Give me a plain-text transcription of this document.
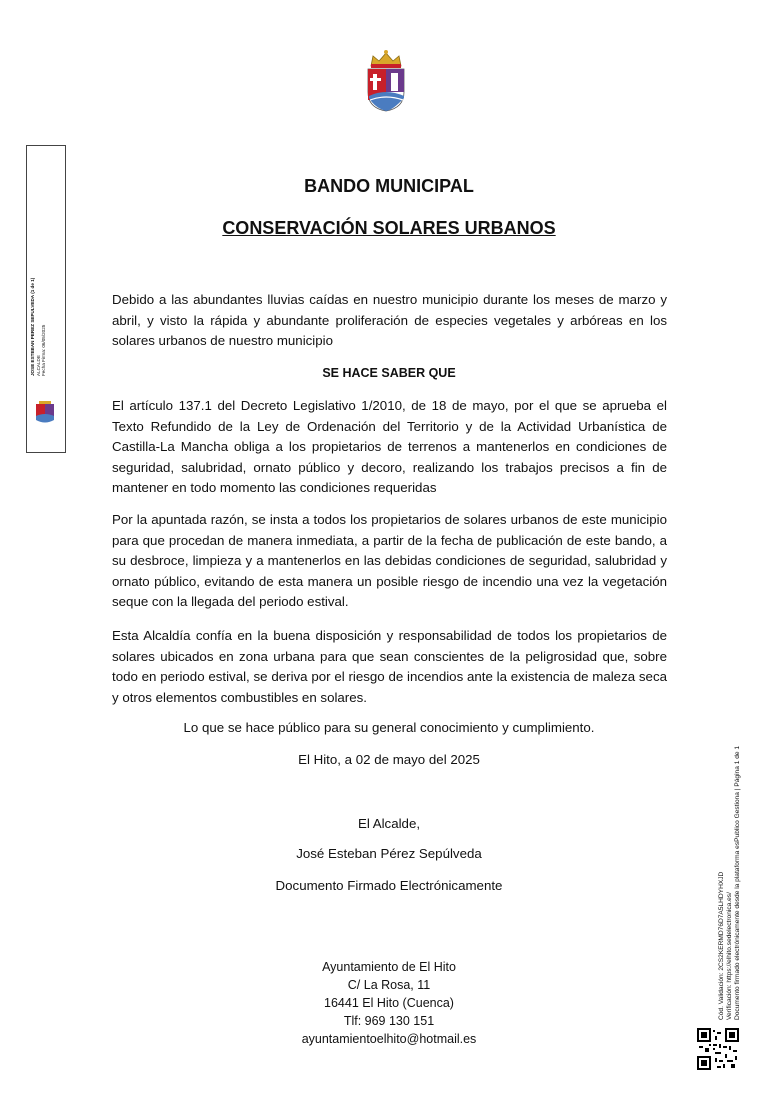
BANDO MUNICIPAL
CONSERVACIÓN SOLARES URBANOS
Debido a las abundantes lluvias caídas en nuestro municipio durante los meses de marzo y abril, y visto la rápida y abundante proliferación de especies vegetales y arbóreas en los solares urbanos de nuestro municipio
SE HACE SABER QUE
El artículo 137.1 del Decreto Legislativo 1/2010, de 18 de mayo, por el que se aprueba el Texto Refundido de la Ley de Ordenación del Territorio y de la Actividad Urbanística de Castilla-La Mancha obliga a los propietarios de terrenos a mantenerlos en condiciones de seguridad, salubridad, ornato público y decoro, realizando los trabajos precisos a fin de mantener en todo momento las condiciones requeridas
Por la apuntada razón, se insta a todos los propietarios de solares urbanos de este municipio para que procedan de manera inmediata, a partir de la fecha de publicación de este bando, a su desbroce, limpieza y a mantenerlos en las debidas condiciones de seguridad, salubridad y ornato público, evitando de esta manera un posible riesgo de incendio una vez la vegetación seque con la llegada del periodo estival.
Esta Alcaldía confía en la buena disposición y responsabilidad de todos los propietarios de solares ubicados en zona urbana para que sean conscientes de la peligrosidad que, sobre todo en periodo estival, se deriva por el riesgo de incendios ante la existencia de maleza seca y otros elementos combustibles en solares.
Lo que se hace público para su general conocimiento y cumplimiento.
El Hito, a 02 de mayo del 2025
El Alcalde,
José Esteban Pérez Sepúlveda
Documento Firmado Electrónicamente
Ayuntamiento de El Hito
C/ La Rosa, 11
16441 El Hito (Cuenca)
Tlf: 969 130 151
ayuntamientoelhito@hotmail.es
JOSE ESTEBAN PEREZ SEPULVEDA (1 de 1) ALCALDE Fecha Firma: 06/05/2025
Cód. Validación: 2CS2KERMD76D7A5LHDYHXJD Verificación: https://elhito.sedelectronica.es/ Documento firmado electrónicamente desde la plataforma esPublico Gestiona | Página 1 de 1
